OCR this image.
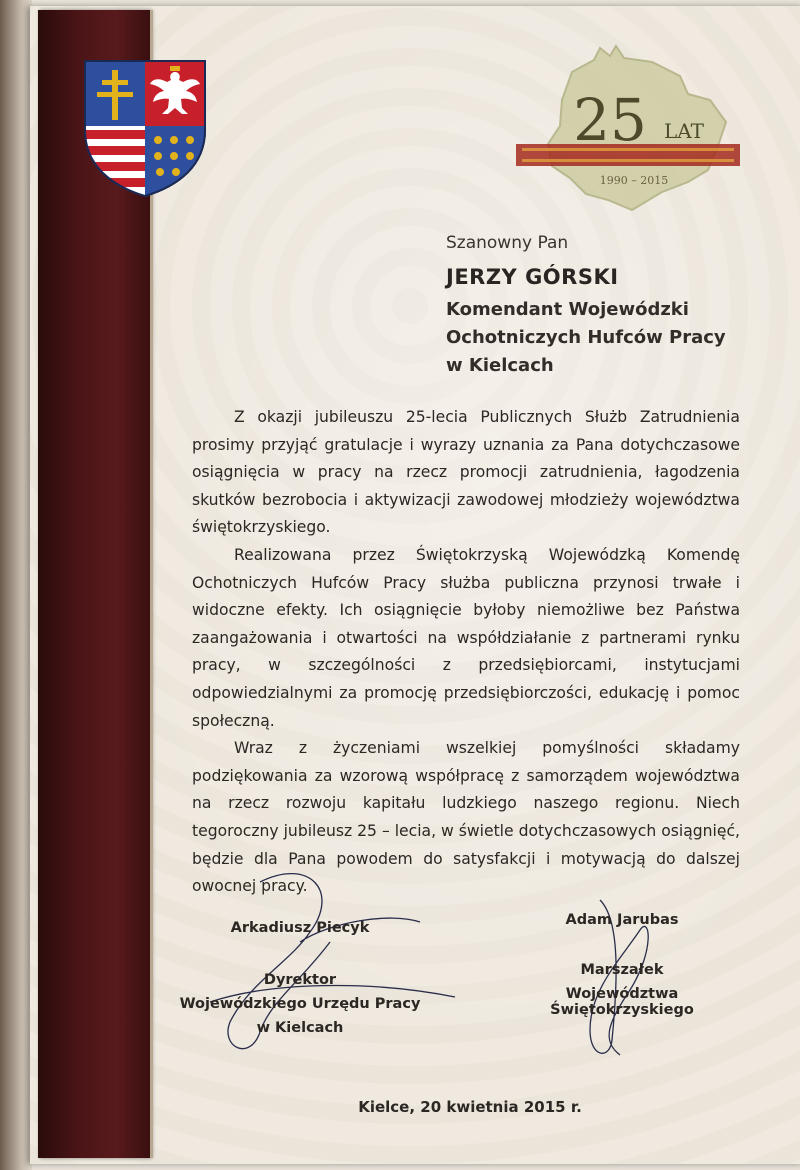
25 LAT
1990 – 2015
Szanowny Pan
JERZY GÓRSKI
Komendant Wojewódzki
Ochotniczych Hufców Pracy
w Kielcach

Z okazji jubileuszu 25-lecia Publicznych Służb Zatrudnienia prosimy przyjąć gratulacje i wyrazy uznania za Pana dotychczasowe osiągnięcia w pracy na rzecz promocji zatrudnienia, łagodzenia skutków bezrobocia i aktywizacji zawodowej młodzieży województwa świętokrzyskiego.

Realizowana przez Świętokrzyską Wojewódzką Komendę Ochotniczych Hufców Pracy służba publiczna przynosi trwałe i widoczne efekty. Ich osiągnięcie byłoby niemożliwe bez Państwa zaangażowania i otwartości na współdziałanie z partnerami rynku pracy, w szczególności z przedsiębiorcami, instytucjami odpowiedzialnymi za promocję przedsiębiorczości, edukację i pomoc społeczną.

Wraz z życzeniami wszelkiej pomyślności składamy podziękowania za wzorową współpracę z samorządem województwa na rzecz rozwoju kapitału ludzkiego naszego regionu. Niech tegoroczny jubileusz 25 – lecia, w świetle dotychczasowych osiągnięć, będzie dla Pana powodem do satysfakcji i motywacją do dalszej owocnej pracy.

Arkadiusz Piecyk
Dyrektor
Wojewódzkiego Urzędu Pracy
w Kielcach
Adam Jarubas
Marszałek
Województwa Świętokrzyskiego
Kielce, 20 kwietnia 2015 r.
